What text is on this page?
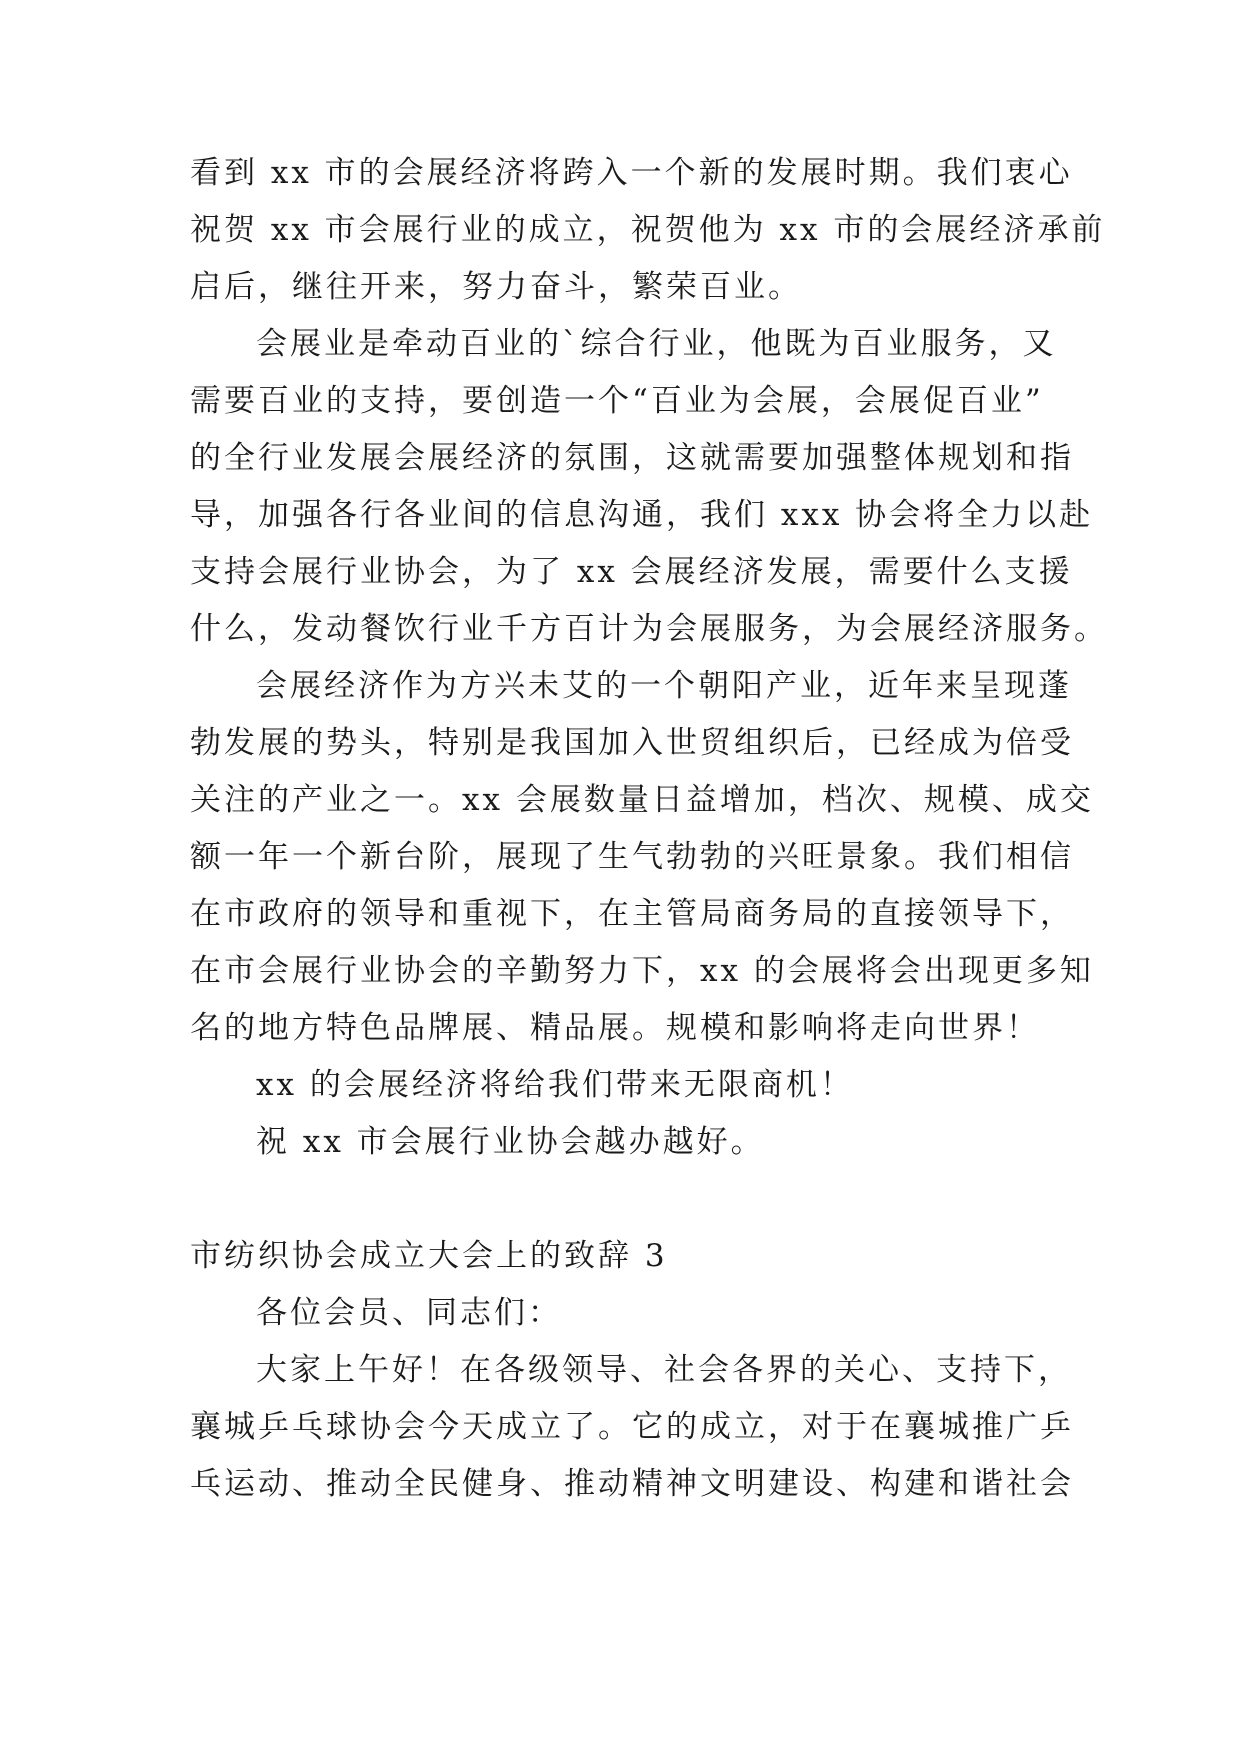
看到 xx 市的会展经济将跨入一个新的发展时期。我们衷心
祝贺 xx 市会展行业的成立，祝贺他为 xx 市的会展经济承前
启后，继往开来，努力奋斗，繁荣百业。
会展业是牵动百业的`综合行业，他既为百业服务，又
需要百业的支持，要创造一个“百业为会展，会展促百业”
的全行业发展会展经济的氛围，这就需要加强整体规划和指
导，加强各行各业间的信息沟通，我们 xxx 协会将全力以赴
支持会展行业协会，为了 xx 会展经济发展，需要什么支援
什么，发动餐饮行业千方百计为会展服务，为会展经济服务。
会展经济作为方兴未艾的一个朝阳产业，近年来呈现蓬
勃发展的势头，特别是我国加入世贸组织后，已经成为倍受
关注的产业之一。xx 会展数量日益增加，档次、规模、成交
额一年一个新台阶，展现了生气勃勃的兴旺景象。我们相信
在市政府的领导和重视下，在主管局商务局的直接领导下，
在市会展行业协会的辛勤努力下，xx 的会展将会出现更多知
名的地方特色品牌展、精品展。规模和影响将走向世界！
xx 的会展经济将给我们带来无限商机！
祝 xx 市会展行业协会越办越好。
市纺织协会成立大会上的致辞 3
各位会员、同志们：
大家上午好！在各级领导、社会各界的关心、支持下，
襄城乒乓球协会今天成立了。它的成立，对于在襄城推广乒
乓运动、推动全民健身、推动精神文明建设、构建和谐社会
